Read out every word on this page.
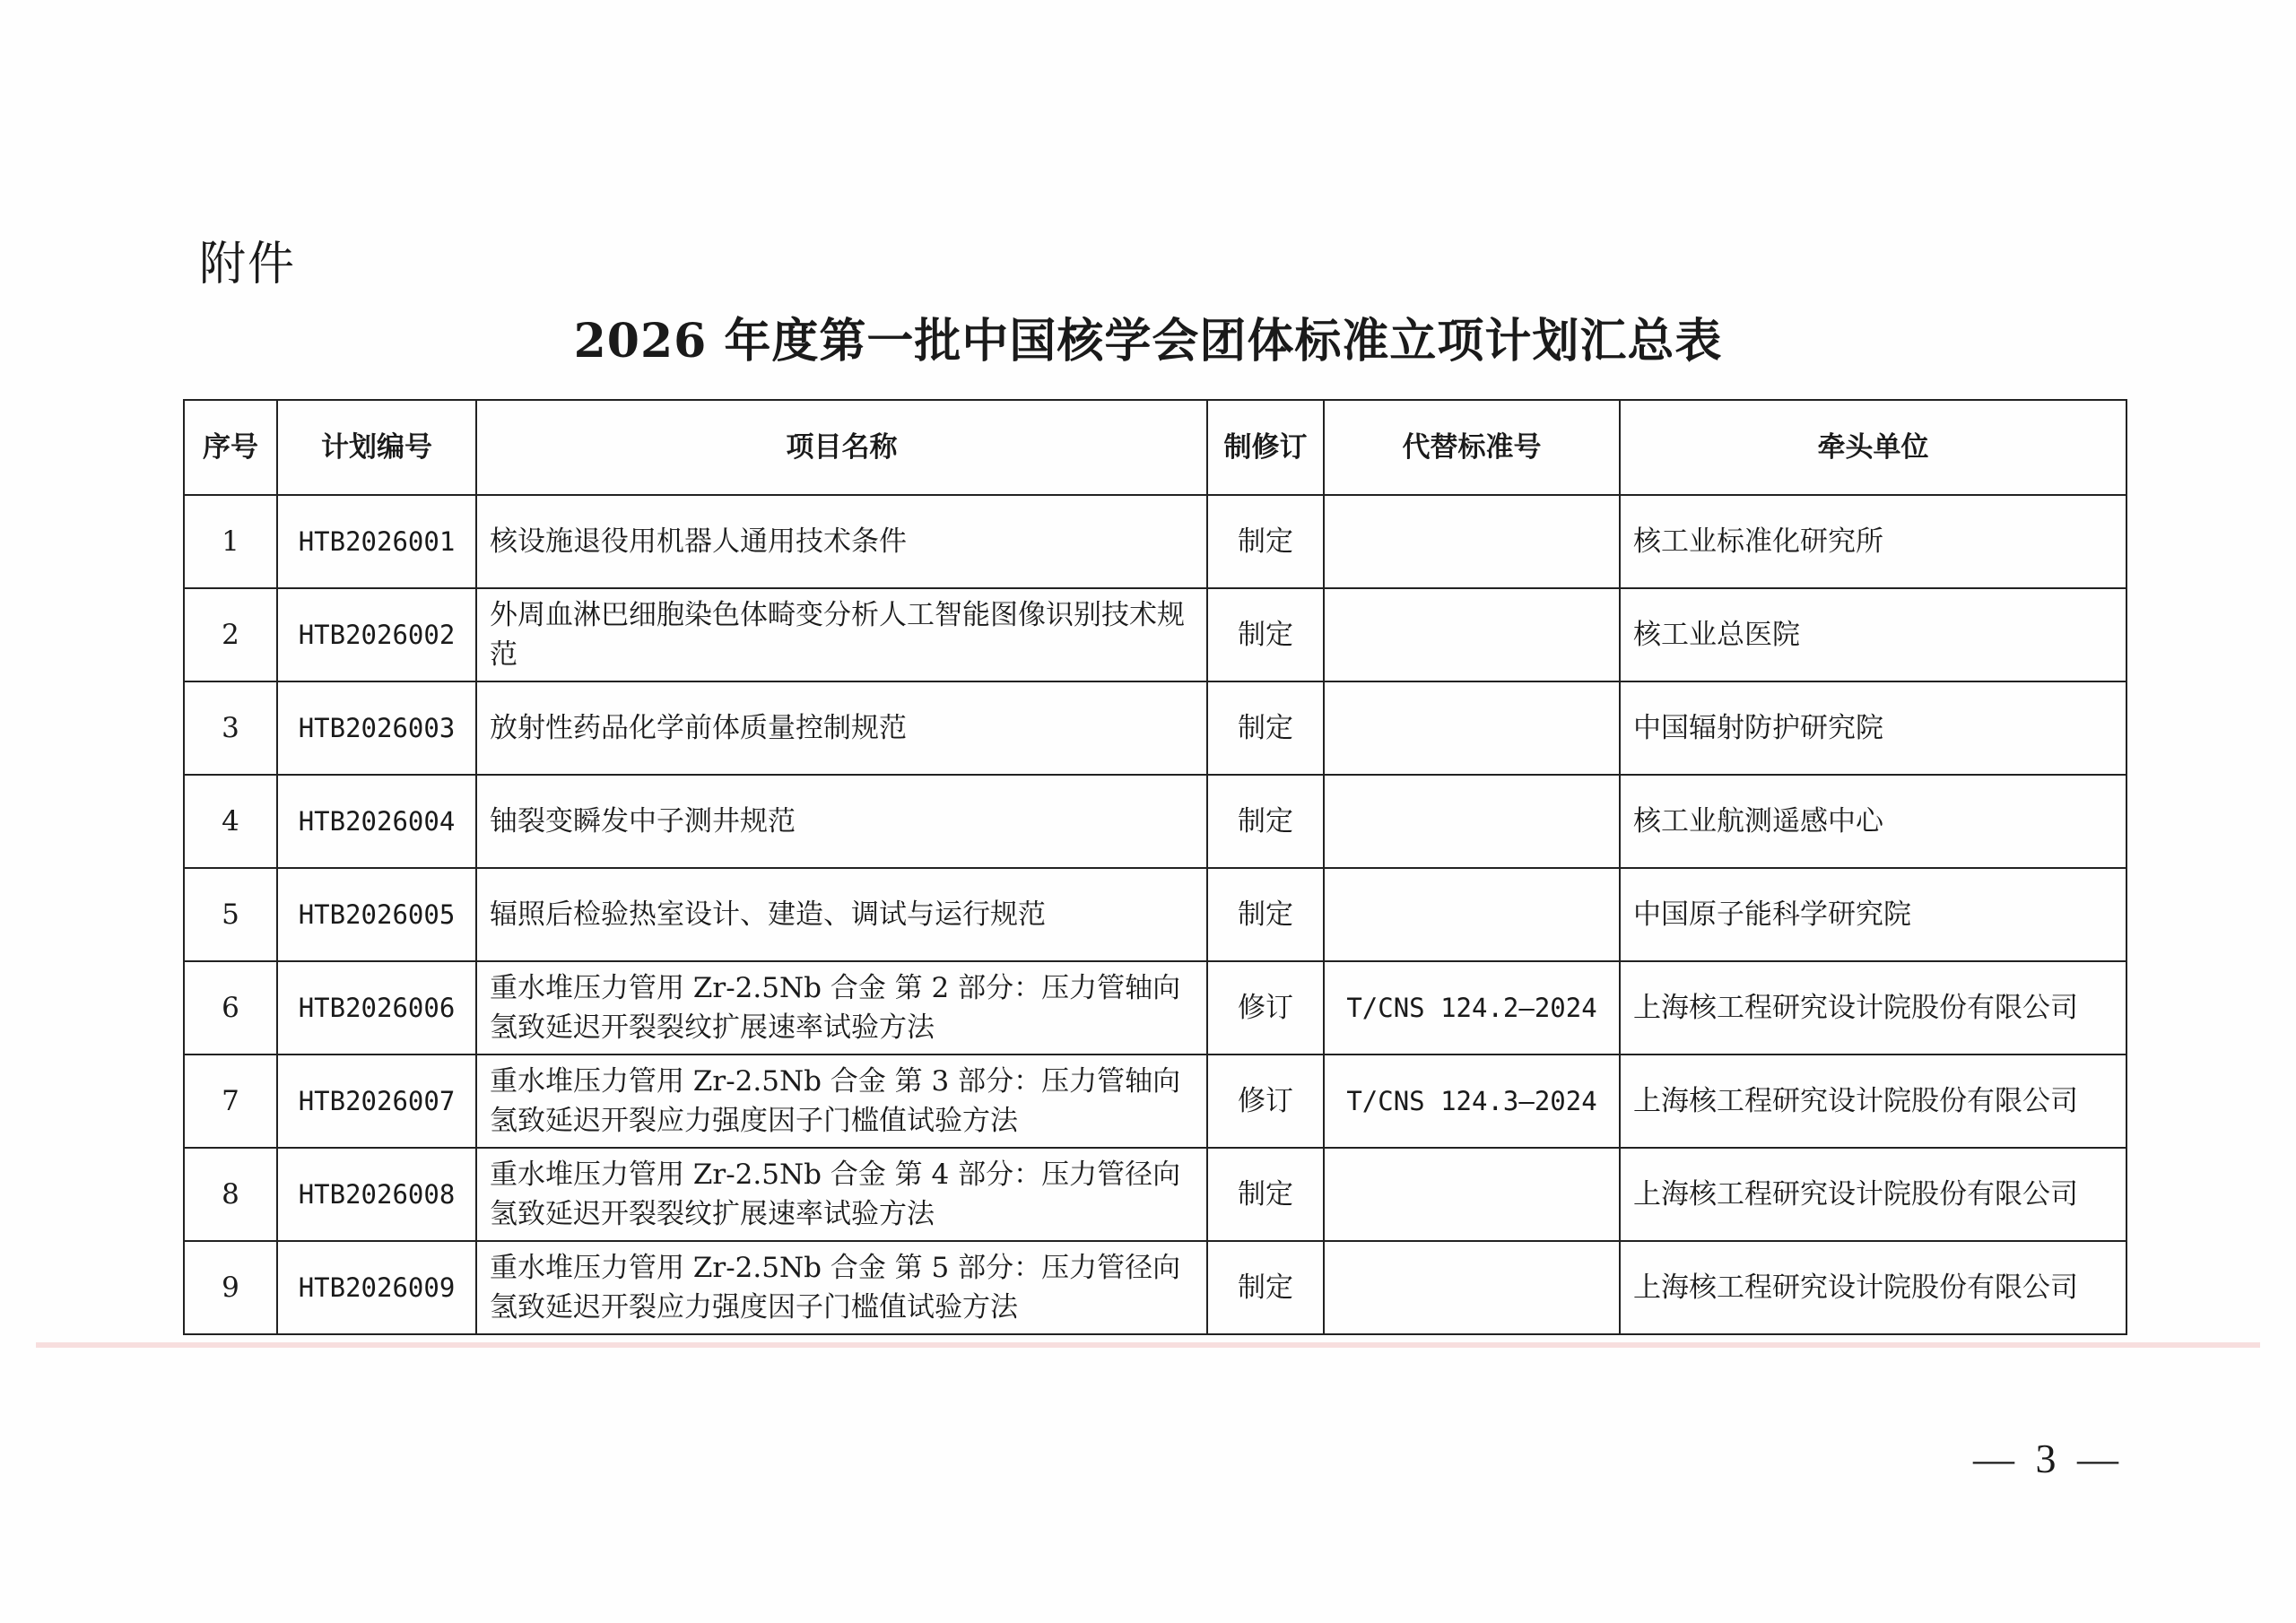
附件
2026 年度第一批中国核学会团体标准立项计划汇总表
序号	计划编号	项目名称	制修订	代替标准号	牵头单位
1	HTB2026001	核设施退役用机器人通用技术条件	制定		核工业标准化研究所
2	HTB2026002	外周血淋巴细胞染色体畸变分析人工智能图像识别技术规范	制定		核工业总医院
3	HTB2026003	放射性药品化学前体质量控制规范	制定		中国辐射防护研究院
4	HTB2026004	铀裂变瞬发中子测井规范	制定		核工业航测遥感中心
5	HTB2026005	辐照后检验热室设计、建造、调试与运行规范	制定		中国原子能科学研究院
6	HTB2026006	重水堆压力管用 Zr-2.5Nb 合金 第 2 部分：压力管轴向氢致延迟开裂裂纹扩展速率试验方法	修订	T/CNS 124.2—2024	上海核工程研究设计院股份有限公司
7	HTB2026007	重水堆压力管用 Zr-2.5Nb 合金 第 3 部分：压力管轴向氢致延迟开裂应力强度因子门槛值试验方法	修订	T/CNS 124.3—2024	上海核工程研究设计院股份有限公司
8	HTB2026008	重水堆压力管用 Zr-2.5Nb 合金 第 4 部分：压力管径向氢致延迟开裂裂纹扩展速率试验方法	制定		上海核工程研究设计院股份有限公司
9	HTB2026009	重水堆压力管用 Zr-2.5Nb 合金 第 5 部分：压力管径向氢致延迟开裂应力强度因子门槛值试验方法	制定		上海核工程研究设计院股份有限公司
— 3 —
